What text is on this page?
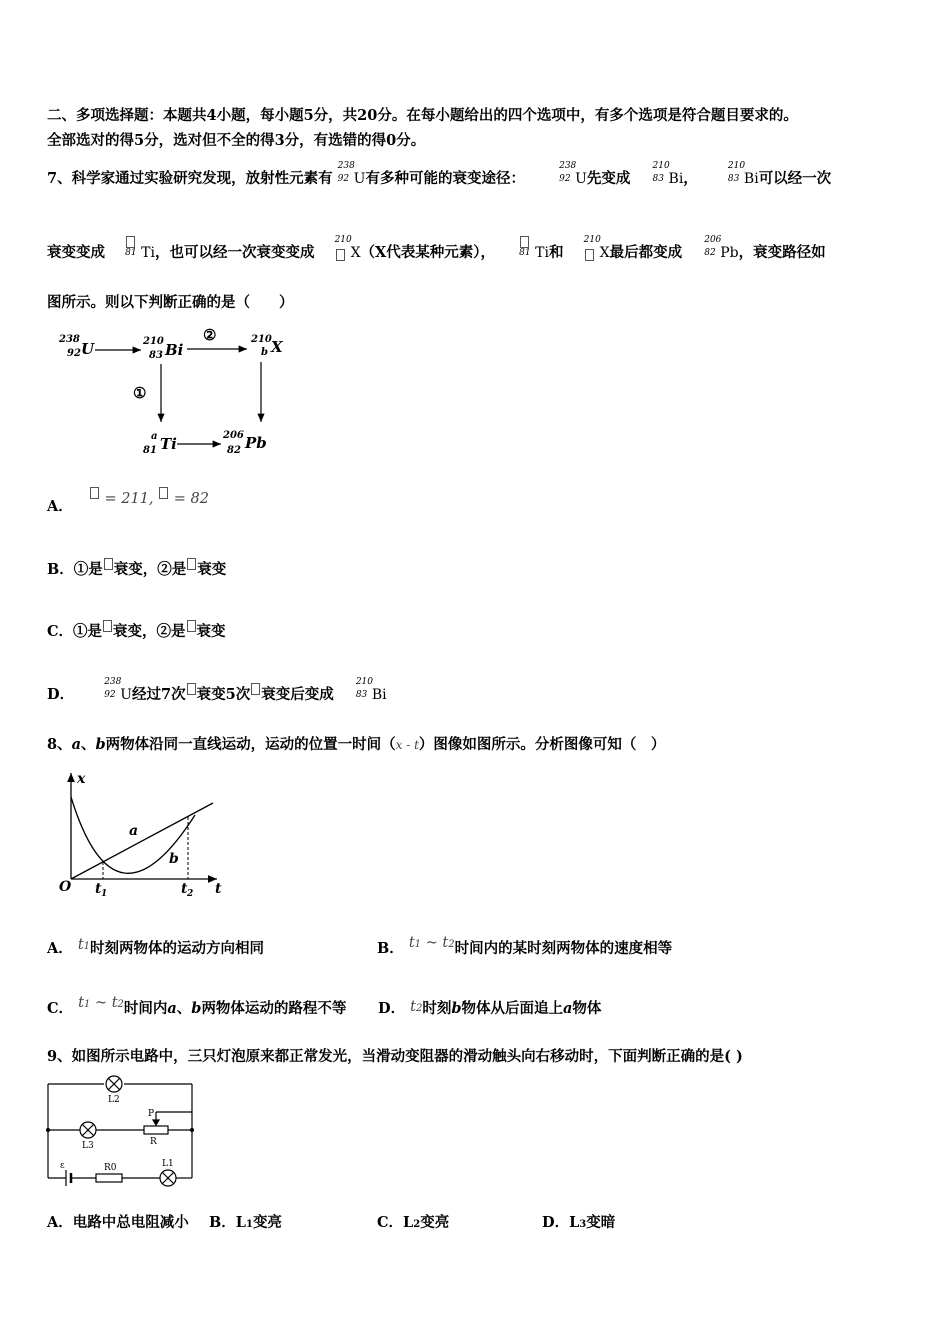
二、多项选择题：本题共4小题，每小题5分，共20分。在每小题给出的四个选项中，有多个选项是符合题目要求的。
全部选对的得5分，选对但不全的得3分，有选错的得0分。
7、科学家通过实验研究发现，放射性元素有
238
92 U有多种可能的衰变途径：
238
92 U先变成
210
83 Bi，
210
83 Bi可以经一次
衰变变成 81 Ti，也可以经一次衰变变成
210
X（X代表某种元素），	81 Ti和
210
X最后都变成
206
82 Pb，衰变路径如
图所示。则以下判断正确的是（　　）
238
92 U	210
83 Bi
210
b X
a
81 Ti	206
82 Pb
②
①
A． = 211, = 82
B．①是 衰变，②是 衰变
C．①是 衰变，②是 衰变
D．
238
92 U经过7次 衰变5次 衰变后变成
210
83 Bi
8、a、b两物体沿同一直线运动，运动的位置一时间（x - t）图像如图所示。分析图像可知（　）
x
t
O t 1	t 2
a
b
A． t1时刻两物体的运动方向相同	B． t1 ~ t2时间内的某时刻两物体的速度相等
C． t1 ~ t2时间内a、b两物体运动的路程不等 D． t2时刻b物体从后面追上a物体
9、如图所示电路中，三只灯泡原来都正常发光，当滑动变阻器的滑动触头向右移动时，下面判断正确的是( )
L2
L3
P
R
ε	R0	L1
A．电路中总电阻减小 B．L1变亮	C．L2变亮	D．L3变暗
